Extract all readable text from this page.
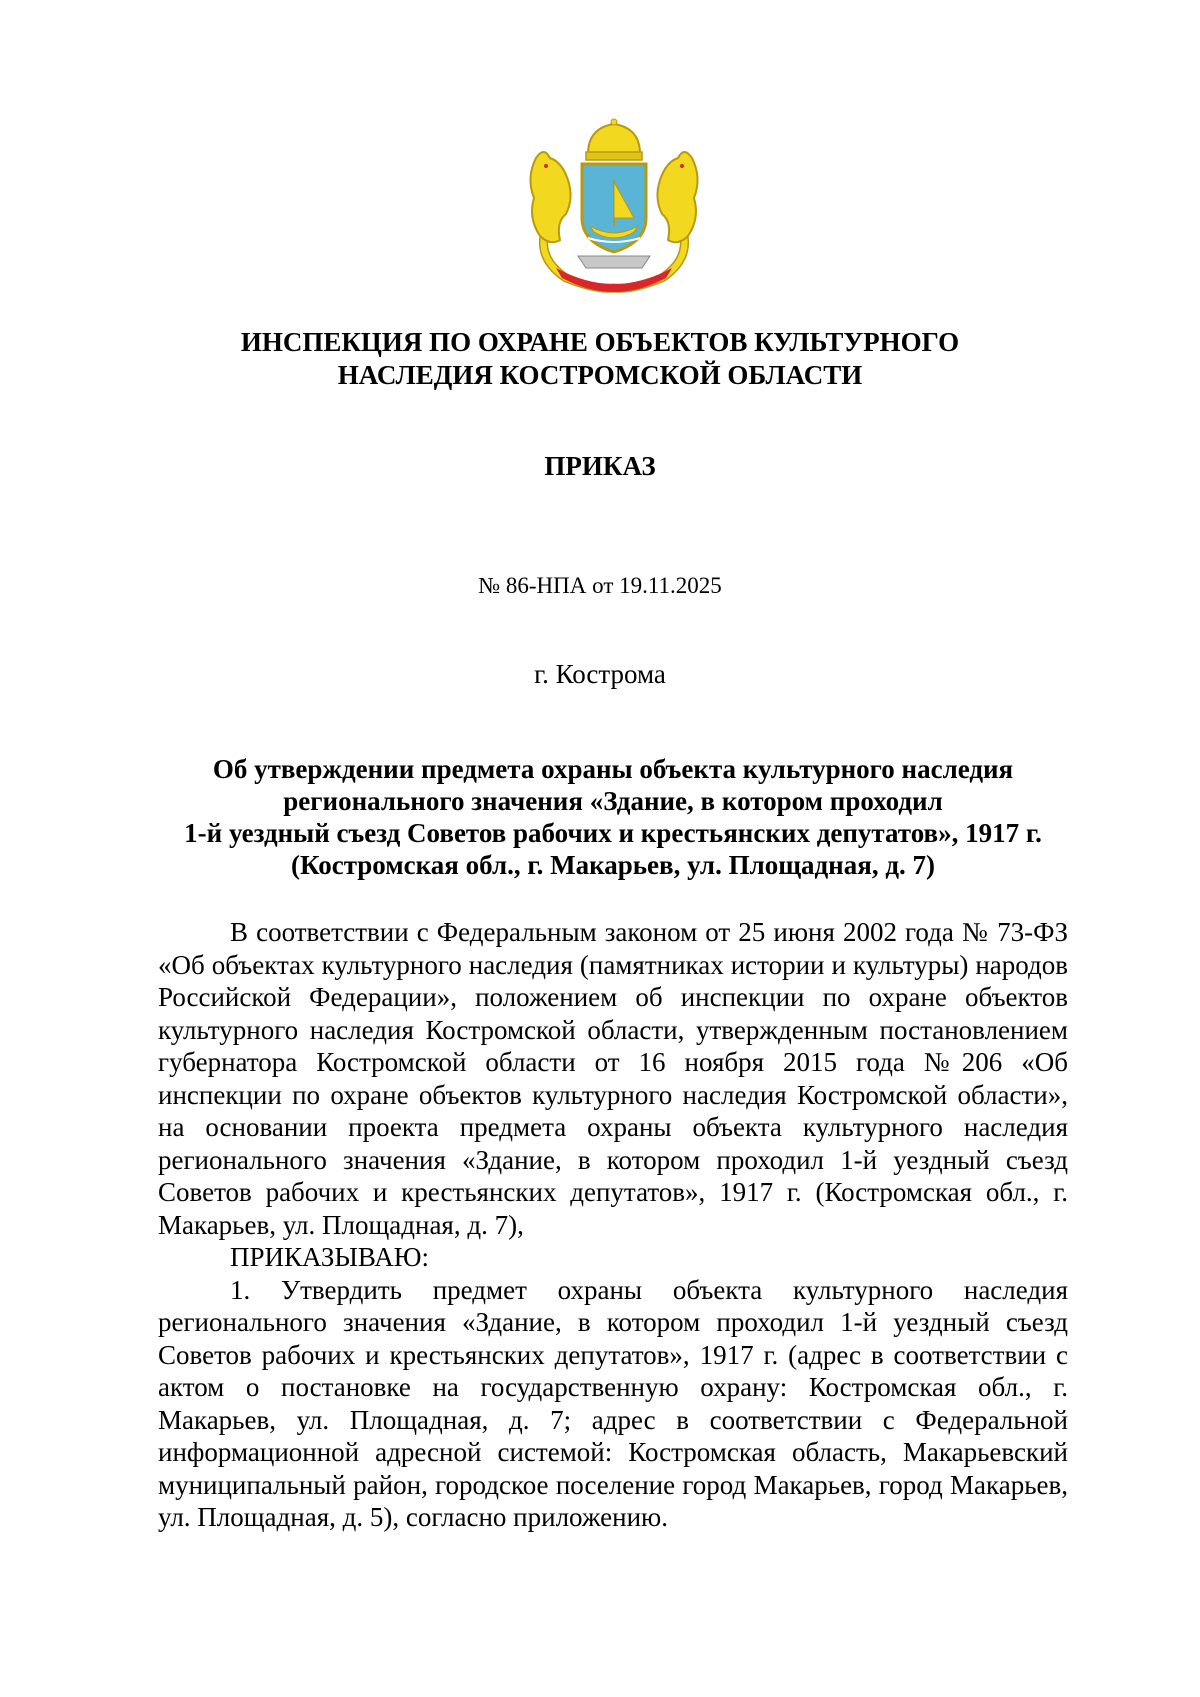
ИНСПЕКЦИЯ ПО ОХРАНЕ ОБЪЕКТОВ КУЛЬТУРНОГО
НАСЛЕДИЯ КОСТРОМСКОЙ ОБЛАСТИ
ПРИКАЗ
№ 86-НПА от 19.11.2025
г. Кострома
Об утверждении предмета охраны объекта культурного наследия
регионального значения «Здание, в котором проходил
1-й уездный съезд Советов рабочих и крестьянских депутатов», 1917 г.
(Костромская обл., г. Макарьев, ул. Площадная, д. 7)

В соответствии с Федеральным законом от 25 июня 2002 года № 73-ФЗ «Об объектах культурного наследия (памятниках истории и культуры) народов Российской Федерации», положением об инспекции по охране объектов культурного наследия Костромской области, утвержденным постановлением губернатора Костромской области от 16 ноября 2015 года №206 «Об инспекции по охране объектов культурного наследия Костромской области», на основании проекта предмета охраны объекта культурного наследия регионального значения «Здание, в котором проходил 1-й уездный съезд Советов рабочих и крестьянских депутатов», 1917 г. (Костромская обл., г. Макарьев, ул. Площадная, д. 7),

ПРИКАЗЫВАЮ:

1. Утвердить предмет охраны объекта культурного наследия регионального значения «Здание, в котором проходил 1-й уездный съезд Советов рабочих и крестьянских депутатов», 1917 г. (адрес в соответствии с актом о постановке на государственную охрану: Костромская обл., г. Макарьев, ул. Площадная, д. 7; адрес в соответствии с Федеральной информационной адресной системой: Костромская область, Макарьевский муниципальный район, городское поселение город Макарьев, город Макарьев, ул. Площадная, д. 5), согласно приложению.
